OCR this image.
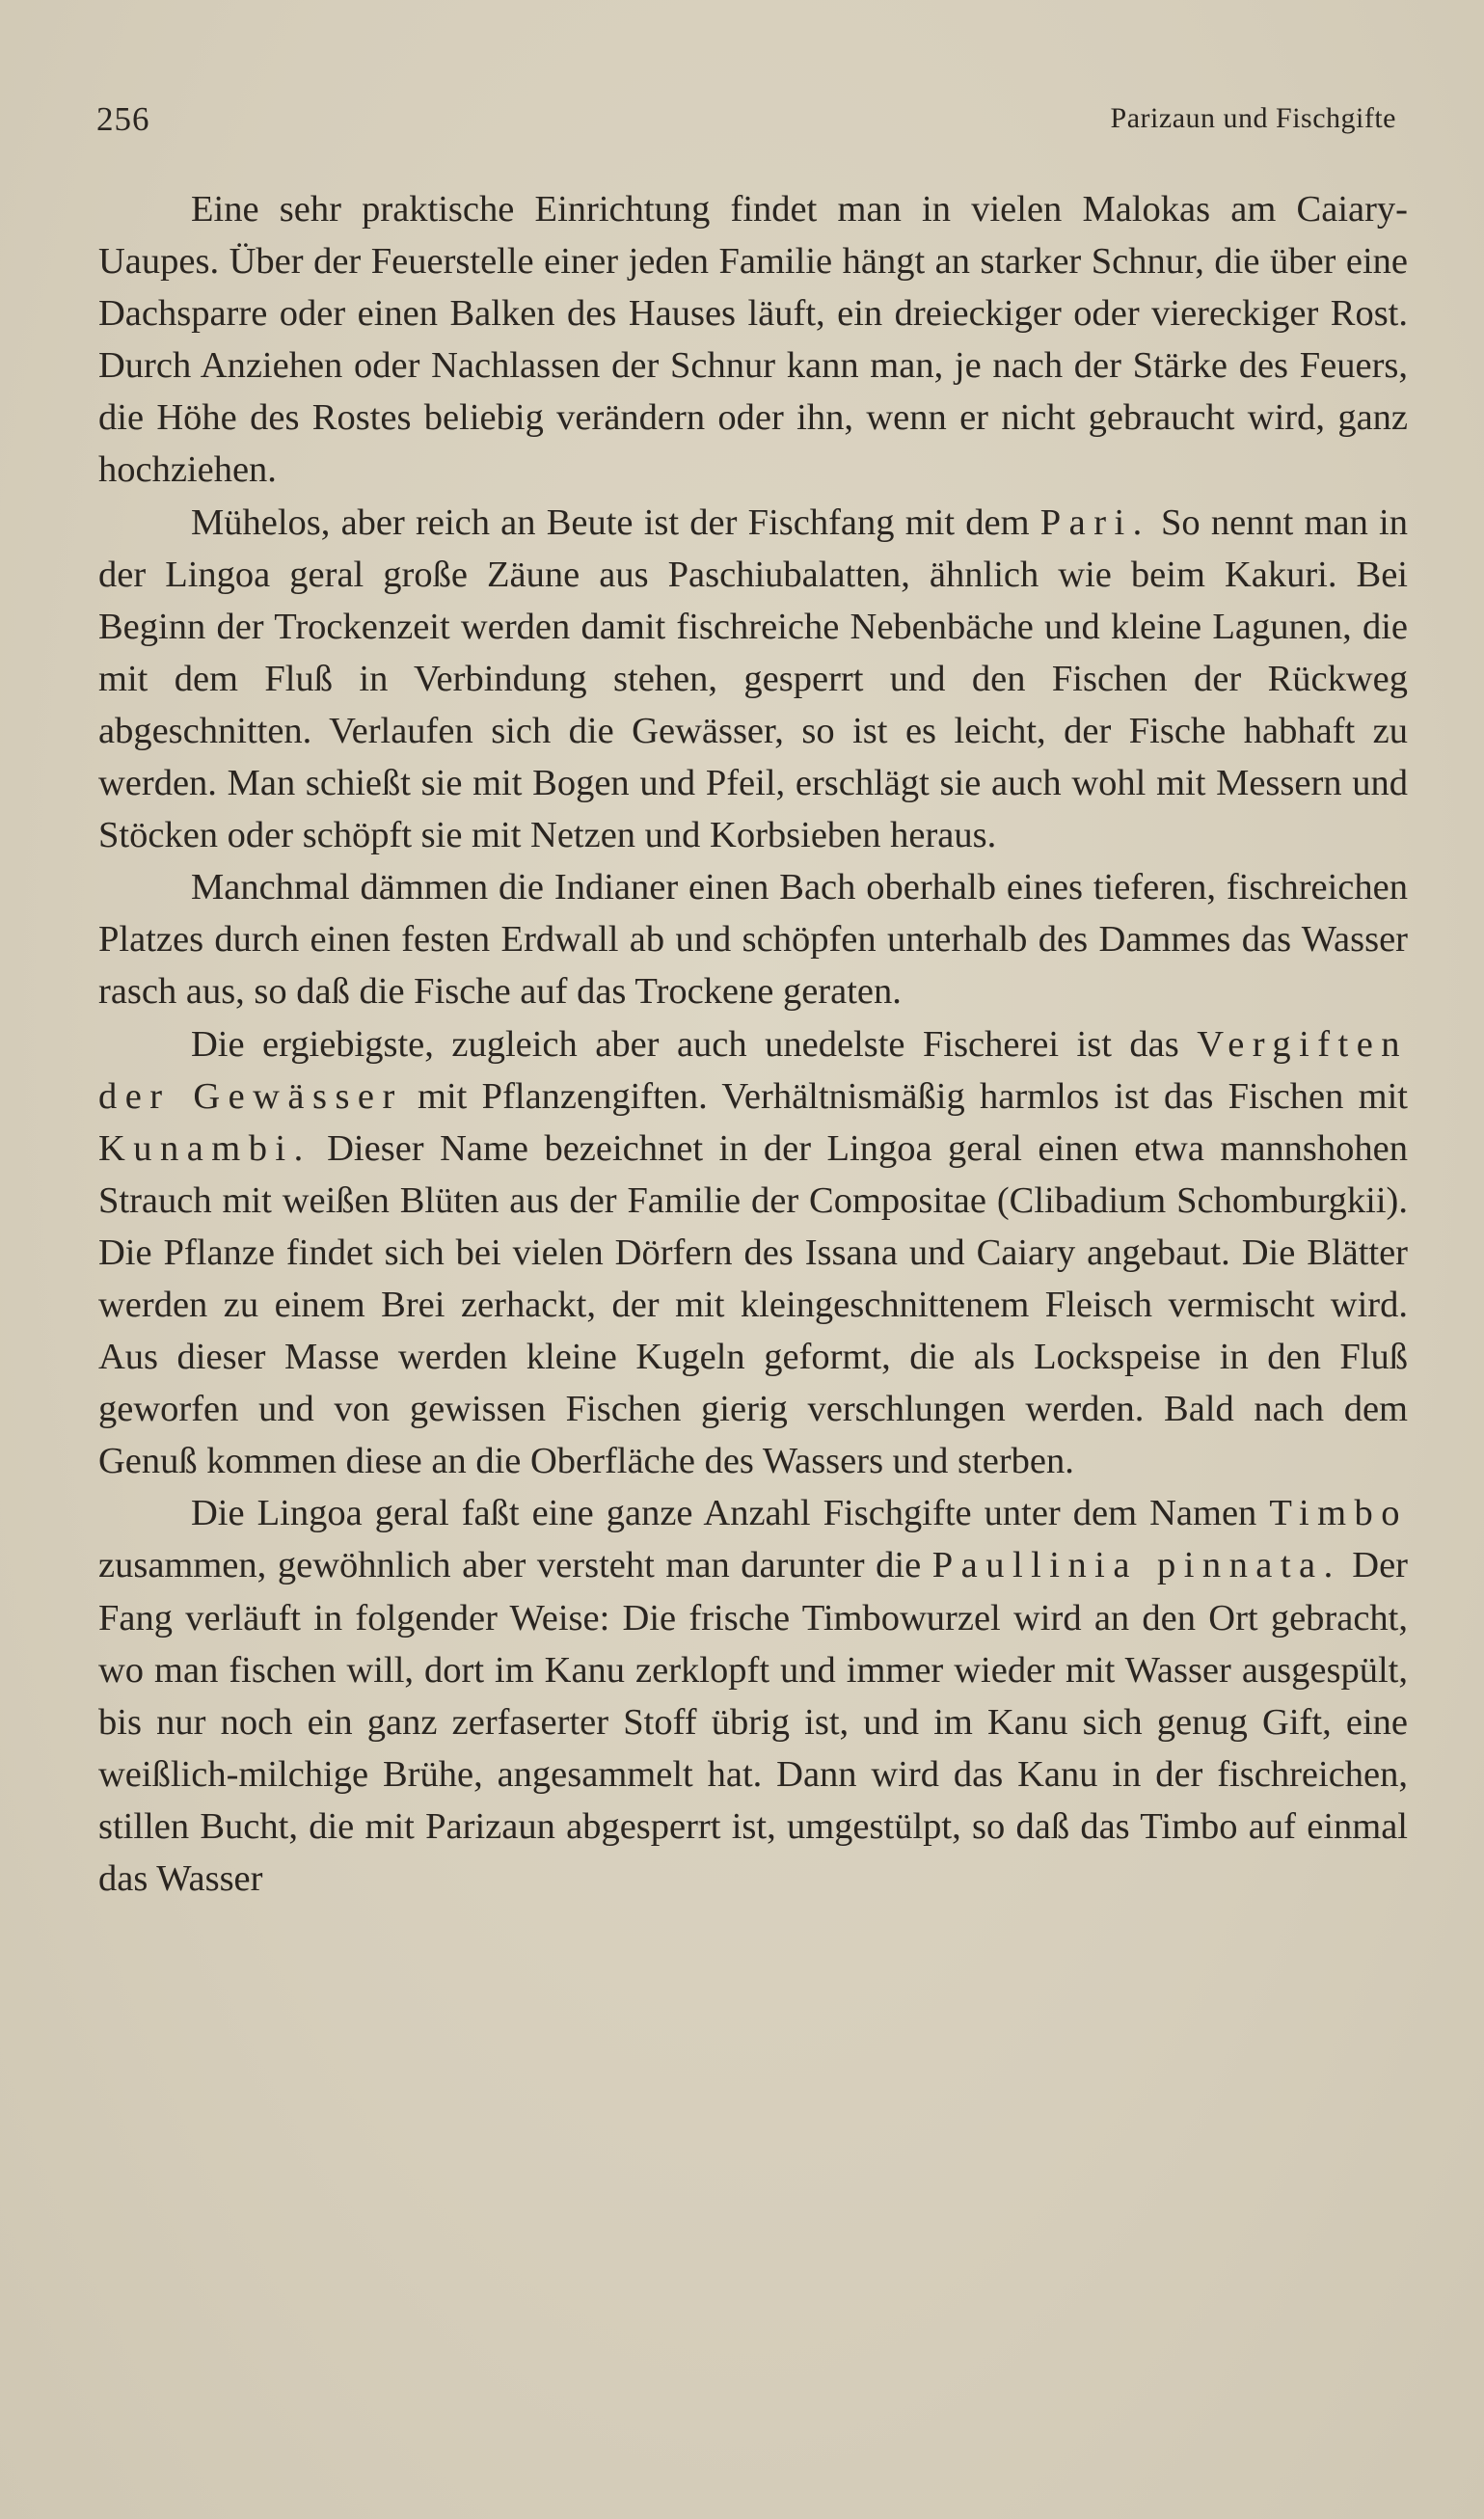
256	Parizaun und Fischgifte

Eine sehr praktische Einrichtung findet man in vielen Malokas am Caiary-Uaupes. Über der Feuerstelle einer jeden Familie hängt an starker Schnur, die über eine Dachsparre oder einen Balken des Hauses läuft, ein dreieckiger oder viereckiger Rost. Durch Anziehen oder Nachlassen der Schnur kann man, je nach der Stärke des Feuers, die Höhe des Rostes beliebig verändern oder ihn, wenn er nicht gebraucht wird, ganz hochziehen.

Mühelos, aber reich an Beute ist der Fischfang mit dem Pari. So nennt man in der Lingoa geral große Zäune aus Paschiubalatten, ähnlich wie beim Kakuri. Bei Beginn der Trockenzeit werden damit fischreiche Nebenbäche und kleine Lagunen, die mit dem Fluß in Verbindung stehen, gesperrt und den Fischen der Rückweg abgeschnitten. Verlaufen sich die Gewässer, so ist es leicht, der Fische habhaft zu werden. Man schießt sie mit Bogen und Pfeil, erschlägt sie auch wohl mit Messern und Stöcken oder schöpft sie mit Netzen und Korbsieben heraus.

Manchmal dämmen die Indianer einen Bach oberhalb eines tieferen, fischreichen Platzes durch einen festen Erdwall ab und schöpfen unterhalb des Dammes das Wasser rasch aus, so daß die Fische auf das Trockene geraten.

Die ergiebigste, zugleich aber auch unedelste Fischerei ist das Vergiften der Gewässer mit Pflanzengiften. Verhältnismäßig harmlos ist das Fischen mit Kunambi. Dieser Name bezeichnet in der Lingoa geral einen etwa mannshohen Strauch mit weißen Blüten aus der Familie der Compositae (Clibadium Schomburgkii). Die Pflanze findet sich bei vielen Dörfern des Issana und Caiary angebaut. Die Blätter werden zu einem Brei zerhackt, der mit kleingeschnittenem Fleisch vermischt wird. Aus dieser Masse werden kleine Kugeln geformt, die als Lockspeise in den Fluß geworfen und von gewissen Fischen gierig verschlungen werden. Bald nach dem Genuß kommen diese an die Oberfläche des Wassers und sterben.

Die Lingoa geral faßt eine ganze Anzahl Fischgifte unter dem Namen Timbo zusammen, gewöhnlich aber versteht man darunter die Paullinia pinnata. Der Fang verläuft in folgender Weise: Die frische Timbowurzel wird an den Ort gebracht, wo man fischen will, dort im Kanu zerklopft und immer wieder mit Wasser ausgespült, bis nur noch ein ganz zerfaserter Stoff übrig ist, und im Kanu sich genug Gift, eine weißlich-milchige Brühe, angesammelt hat. Dann wird das Kanu in der fischreichen, stillen Bucht, die mit Parizaun abgesperrt ist, umgestülpt, so daß das Timbo auf einmal das Wasser
